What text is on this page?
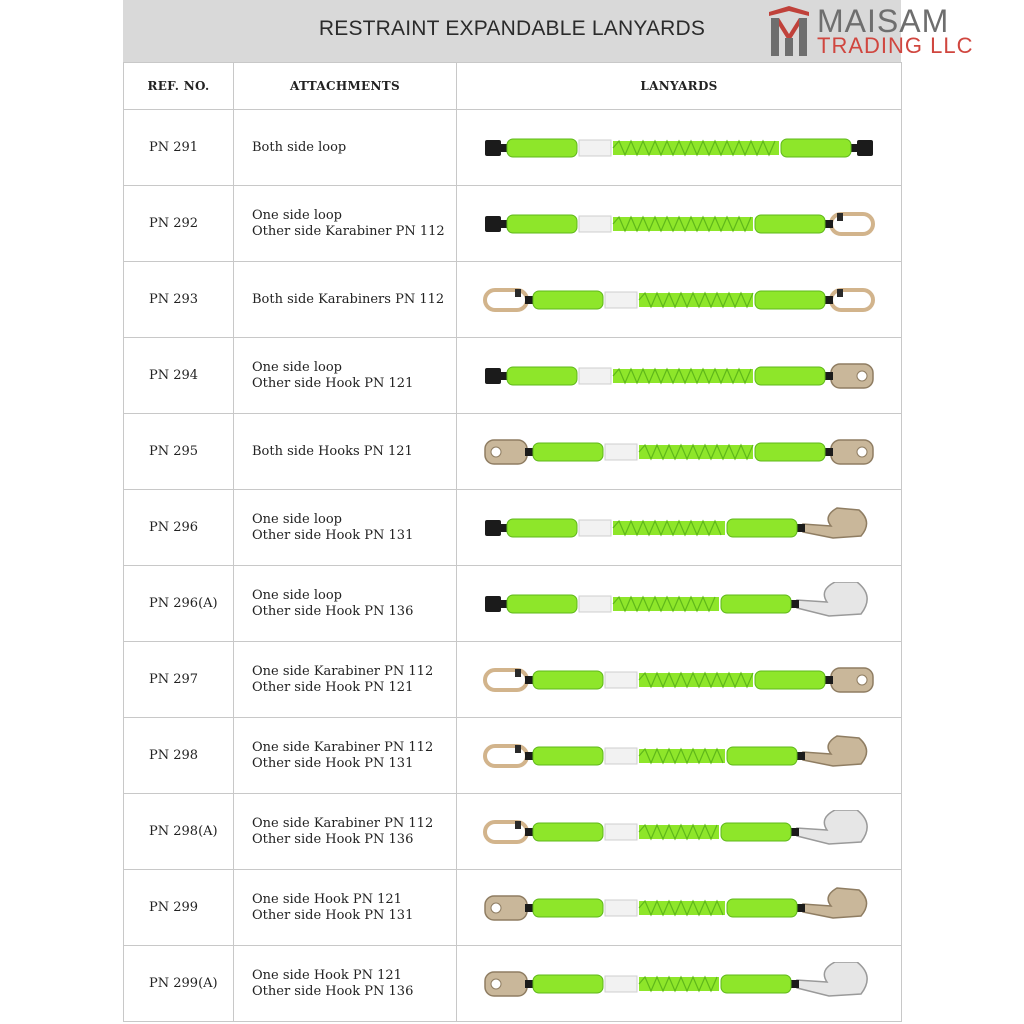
RESTRAINT EXPANDABLE LANYARDS
REF. NO.	ATTACHMENTS	LANYARDS
PN 291	Both side loop

PN 292	One side loop
Other side Karabiner PN 112

PN 293	Both side Karabiners PN 112

PN 294	One side loop
Other side Hook PN 121

PN 295	Both side Hooks PN 121

PN 296	One side loop
Other side Hook PN 131

PN 296(A)	One side loop
Other side Hook PN 136

PN 297	One side Karabiner PN 112
Other side Hook PN 121

PN 298	One side Karabiner PN 112
Other side Hook PN 131

PN 298(A)	One side Karabiner PN 112
Other side Hook PN 136

PN 299	One side Hook PN 121
Other side Hook PN 131

PN 299(A)	One side Hook PN 121
Other side Hook PN 136

MAISAM
TRADING LLC
